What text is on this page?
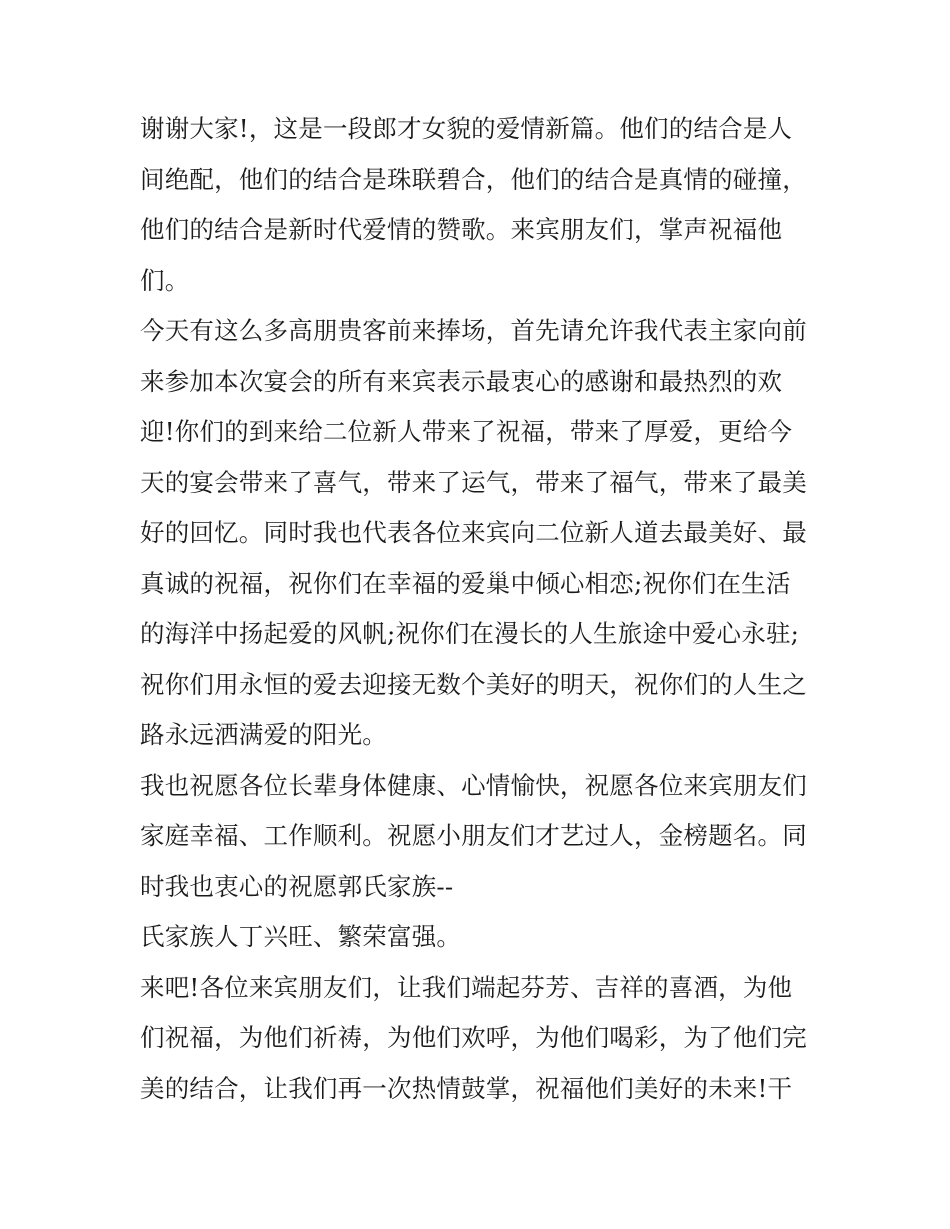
谢谢大家!，这是一段郎才女貌的爱情新篇。他们的结合是人
间绝配，他们的结合是珠联碧合，他们的结合是真情的碰撞，
他们的结合是新时代爱情的赞歌。来宾朋友们，掌声祝福他
们。
今天有这么多高朋贵客前来捧场，首先请允许我代表主家向前
来参加本次宴会的所有来宾表示最衷心的感谢和最热烈的欢
迎!你们的到来给二位新人带来了祝福，带来了厚爱，更给今
天的宴会带来了喜气，带来了运气，带来了福气，带来了最美
好的回忆。同时我也代表各位来宾向二位新人道去最美好、最
真诚的祝福，祝你们在幸福的爱巢中倾心相恋;祝你们在生活
的海洋中扬起爱的风帆;祝你们在漫长的人生旅途中爱心永驻;
祝你们用永恒的爱去迎接无数个美好的明天，祝你们的人生之
路永远洒满爱的阳光。
我也祝愿各位长辈身体健康、心情愉快，祝愿各位来宾朋友们
家庭幸福、工作顺利。祝愿小朋友们才艺过人，金榜题名。同
时我也衷心的祝愿郭氏家族--
氏家族人丁兴旺、繁荣富强。
来吧!各位来宾朋友们，让我们端起芬芳、吉祥的喜酒，为他
们祝福，为他们祈祷，为他们欢呼，为他们喝彩，为了他们完
美的结合，让我们再一次热情鼓掌，祝福他们美好的未来!干
